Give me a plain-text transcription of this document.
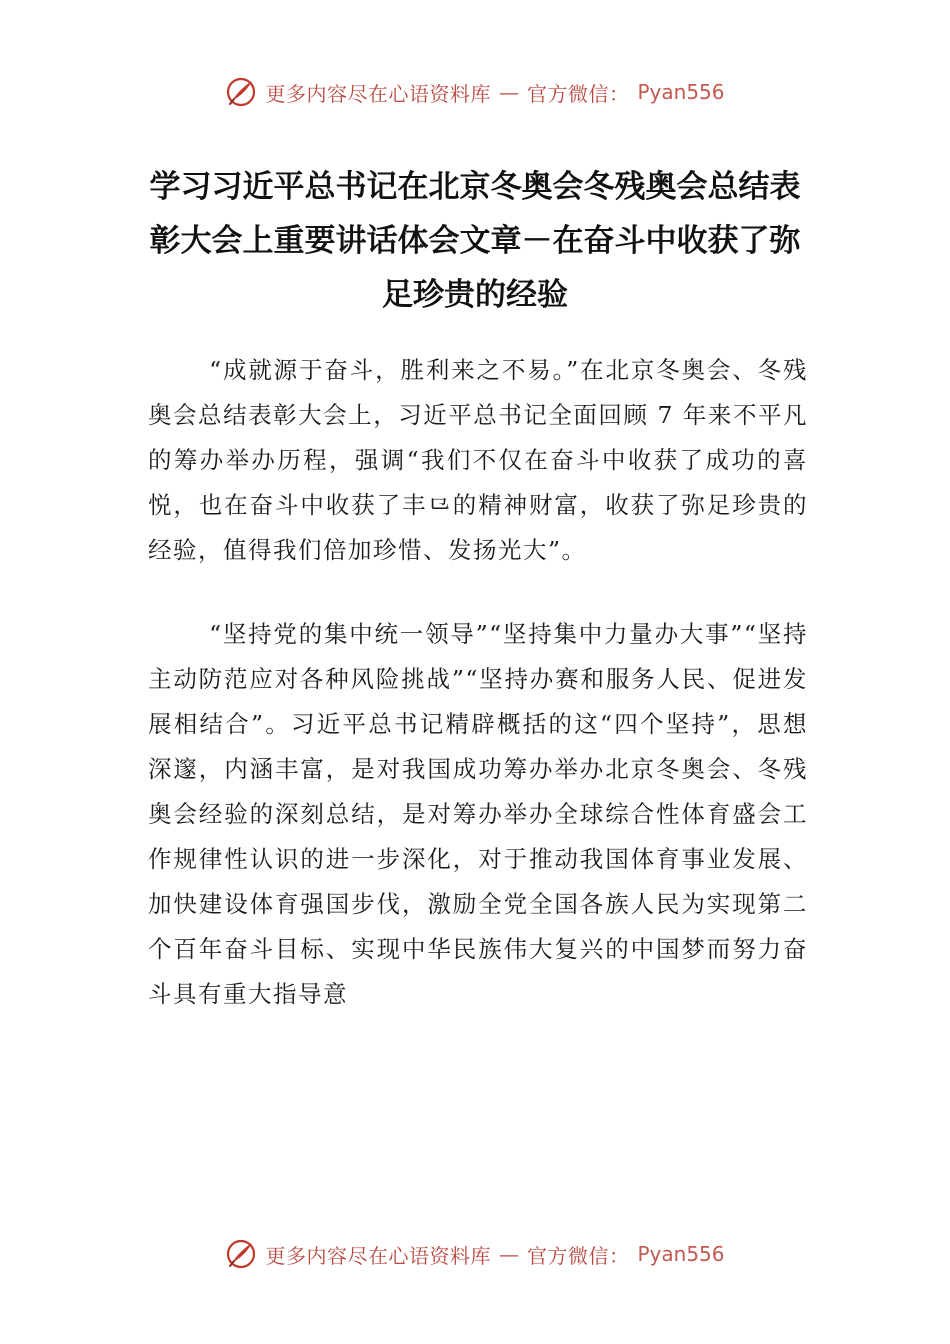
更多内容尽在心语资料库 — 官方微信： Pyan556
学习习近平总书记在北京冬奥会冬残奥会总结表彰大会上重要讲话体会文章－在奋斗中收获了弥足珍贵的经验

“成就源于奋斗，胜利来之不易。”在北京冬奥会、冬残奥会总结表彰大会上，习近平总书记全面回顾 7 年来不平凡的筹办举办历程，强调“我们不仅在奋斗中收获了成功的喜悦，也在奋斗中收获了丰⺋的精神财富，收获了弥足珍贵的经验，值得我们倍加珍惜、发扬光大”。

“坚持党的集中统一领导”“坚持集中力量办大事”“坚持主动防范应对各种风险挑战”“坚持办赛和服务人民、促进发展相结合”。习近平总书记精辟概括的这“四个坚持”，思想深邃，内涵丰富，是对我国成功筹办举办北京冬奥会、冬残奥会经验的深刻总结，是对筹办举办全球综合性体育盛会工作规律性认识的进一步深化，对于推动我国体育事业发展、加快建设体育强国步伐，激励全党全国各族人民为实现第二个百年奋斗目标、实现中华民族伟大复兴的中国梦而努力奋斗具有重大指导意

更多内容尽在心语资料库 — 官方微信： Pyan556
